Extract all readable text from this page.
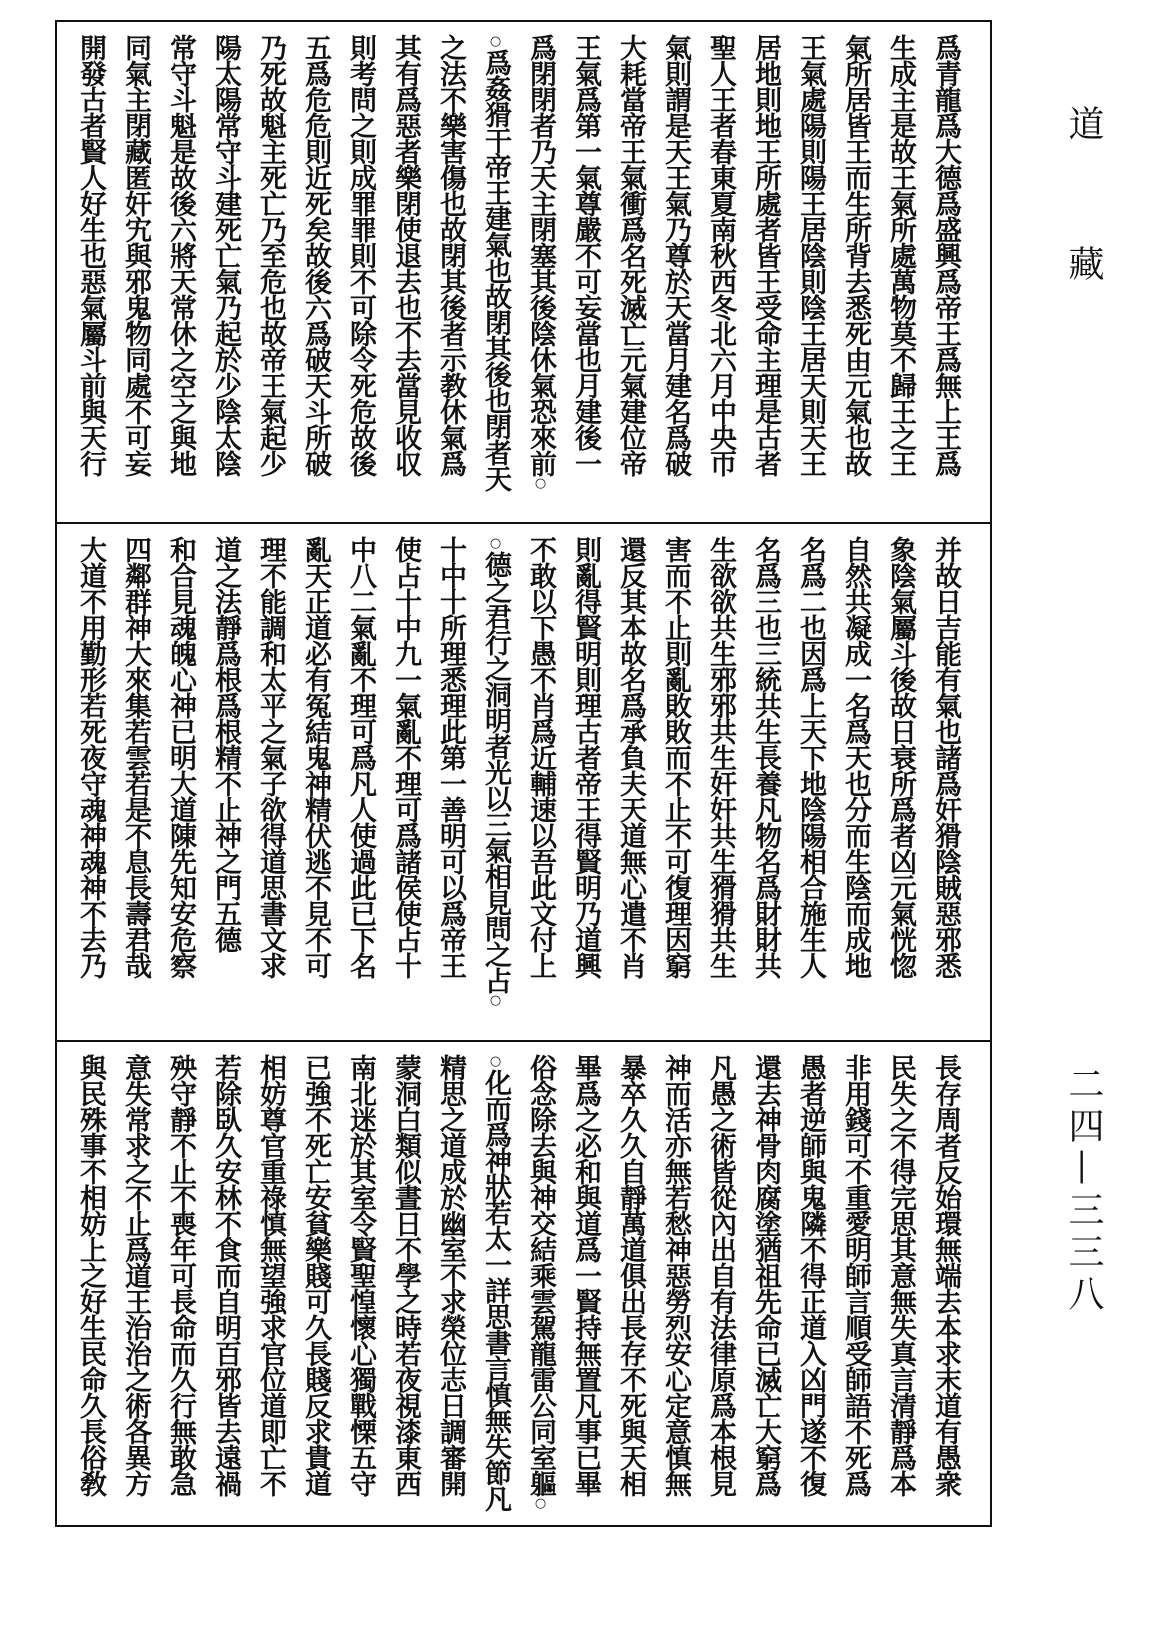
爲青龍爲大德爲盛興爲帝王爲無上王爲
生成主是故王氣所處萬物莫不歸王之王
氣所居皆王而生所背去悉死由元氣也故
王氣處陽則陽王居陰則陰王居天則天王
居地則地王所處者皆王受命主理是古者
聖人王者春東夏南秋西冬北六月中央帀
氣則謂是天王氣乃尊於天當月建名爲破
大耗當帝王氣衝爲名死滅亡元氣建位帝
王氣爲第一氣尊嚴不可妄當也月建後一
爲閉閉者乃天主閉塞其後陰休氣恐來前○
○爲姦猾干帝王建氣也故閉其後也閉者天
之法不樂害傷也故閉其後者示教休氣爲
其有爲惡者樂閉使退去也不去當見收収
則考問之則成罪罪則不可除令死危故後
五爲危危則近死矣故後六爲破天斗所破
乃死故魁主死亡乃至危也故帝王氣起少
陽太陽常守斗建死亡氣乃起於少陰太陰
常守斗魁是故後六將天常休之空之與地
同氣主閉藏匿奸宄與邪鬼物同處不可妄
開發古者賢人好生也惡氣屬斗前與天行
并故日吉能有氣也諸爲奸猾陰賊惡邪悉
象陰氣屬斗後故日衰所爲者凶元氣恍惚
自然共凝成一名爲天也分而生陰而成地
名爲二也因爲上天下地陰陽相合施生人
名爲三也三統共生長養凡物名爲財財共
生欲欲共生邪邪共生奸奸共生猾猾共生
害而不止則亂敗敗而不止不可復理因窮
還反其本故名爲承負夫天道無心遣不肖
則亂得賢明則理古者帝王得賢明乃道興
不敢以下愚不肖爲近輔速以吾此文付上
○德之君行之洞明者光以三氣相見問之占○
十中十所理悉理此第一善明可以爲帝王
使占十中九一氣亂不理可爲諸侯使占十
中八二氣亂不理可爲凡人使過此已下名
亂天正道必有冤結鬼神精伏逃不見不可
理不能調和太平之氣子欲得道思書文求
道之法靜爲根爲根精不止神之門五德
和合見魂魄心神已明大道陳先知安危察
四鄰群神大來集若雲若是不息長壽君哉
大道不用勤形若死夜守魂神魂神不去乃
長存周者反始環無端去本求末道有愚衆
民失之不得完思其意無失真言清靜爲本
非用錢可不重愛明師言順受師語不死爲
愚者逆師與鬼隣不得正道入凶門遂不復
還去神骨肉腐塗猶祖先命已滅亡大窮爲
凡愚之術皆從內出自有法律原爲本根見
神而活亦無若愁神惡勞烈安心定意慎無
暴卒久久自靜萬道俱出長存不死與天相
畢爲之必和與道爲一賢持無置凡事已畢
俗念除去與神交結乘雲駕龍雷公同室軀○
○化而爲神狀若太一詳思書言慎無失節凡
精思之道成於幽室不求榮位志日調審開
蒙洞白類似晝日不學之時若夜視漆東西
南北迷於其室令賢聖惶懷心獨戰慄五守
已強不死亡安貧樂賤可久長賤反求貴道
相妨尊官重祿慎無望強求官位道即亡不
若除臥久安林不食而自明百邪皆去遠禍
殃守靜不止不喪年可長命而久行無敢急
意失常求之不止爲道王治治之術各異方
與民殊事不相妨上之好生民命久長俗敎
道
藏
二四—三三八
